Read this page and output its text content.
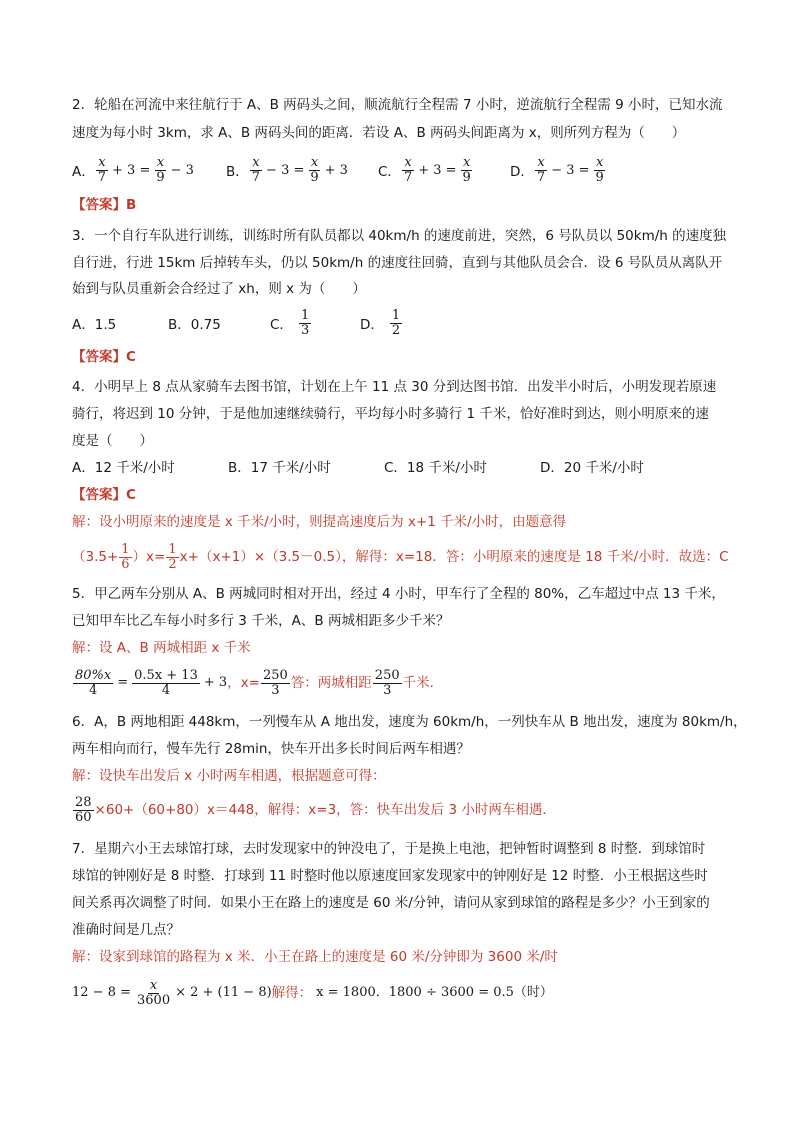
2．轮船在河流中来往航行于 A、B 两码头之间，顺流航行全程需 7 小时，逆流航行全程需 9 小时，已知水流
速度为每小时 3km，求 A、B 两码头间的距离．若设 A、B 两码头间距离为 x，则所列方程为（　　）
A． $\frac{x}{7} + 3 = \frac{x}{9} - 3$ B． $\frac{x}{7} - 3 = \frac{x}{9} + 3$ C． $\frac{x}{7} + 3 = \frac{x}{9}$	D． $\frac{x}{7} - 3 = \frac{x}{9}$
【答案】B
3．一个自行车队进行训练，训练时所有队员都以 40km/h 的速度前进，突然，6 号队员以 50km/h 的速度独
自行进，行进 15km 后掉转车头，仍以 50km/h 的速度往回骑，直到与其他队员会合．设 6 号队员从离队开
始到与队员重新会合经过了 xh，则 x 为（　　）
A．1.5	B．0.75	C． $\frac{1}{3}$	D． $\frac{1}{2}$
【答案】C
4．小明早上 8 点从家骑车去图书馆，计划在上午 11 点 30 分到达图书馆．出发半小时后，小明发现若原速
骑行，将迟到 10 分钟，于是他加速继续骑行，平均每小时多骑行 1 千米，恰好准时到达，则小明原来的速
度是（　　）
A．12 千米/小时	B．17 千米/小时	C．18 千米/小时	D．20 千米/小时
【答案】C
解：设小明原来的速度是 x 千米/小时，则提高速度后为 x+1 千米/小时，由题意得
$(3.5+ \frac{1}{6} )x= \frac{1}{2} x+(x+1)\times(3.5-0.5)$，解得：x=18．答：小明原来的速度是 18 千米/小时．故选：C
5．甲乙两车分别从 A、B 两城同时相对开出，经过 4 小时，甲车行了全程的 80%，乙车超过中点 13 千米，
已知甲车比乙车每小时多行 3 千米，A、B 两城相距多少千米？
解：设 A、B 两城相距 x 千米
$\frac{80\%x}{4} = \frac{0.5x + 13}{4} + 3$ ，$x= \frac{250}{3}$ 答：两城相距 $\frac{250}{3}$ 千米．
6．A，B 两地相距 448km，一列慢车从 A 地出发，速度为 60km/h，一列快车从 B 地出发，速度为 80km/h，
两车相向而行，慢车先行 28min，快车开出多长时间后两车相遇？
解：设快车出发后 x 小时两车相遇，根据题意可得：
$\frac{28}{60} \times 60+(60+80)x=448$，解得：x=3，答：快车出发后 3 小时两车相遇．
7．星期六小王去球馆打球，去时发现家中的钟没电了，于是换上电池，把钟暂时调整到 8 时整．到球馆时
球馆的钟刚好是 8 时整．打球到 11 时整时他以原速度回家发现家中的钟刚好是 12 时整．小王根据这些时
间关系再次调整了时间．如果小王在路上的速度是 60 米/分钟，请问从家到球馆的路程是多少？小王到家的
准确时间是几点？
解：设家到球馆的路程为 x 米．小王在路上的速度是 60 米/分钟即为 3600 米/时
$12 - 8 = \frac{x}{3600} \times 2 + (11 - 8)$ 解得： x = 1800．1800 ÷ 3600 = 0.5（时）
